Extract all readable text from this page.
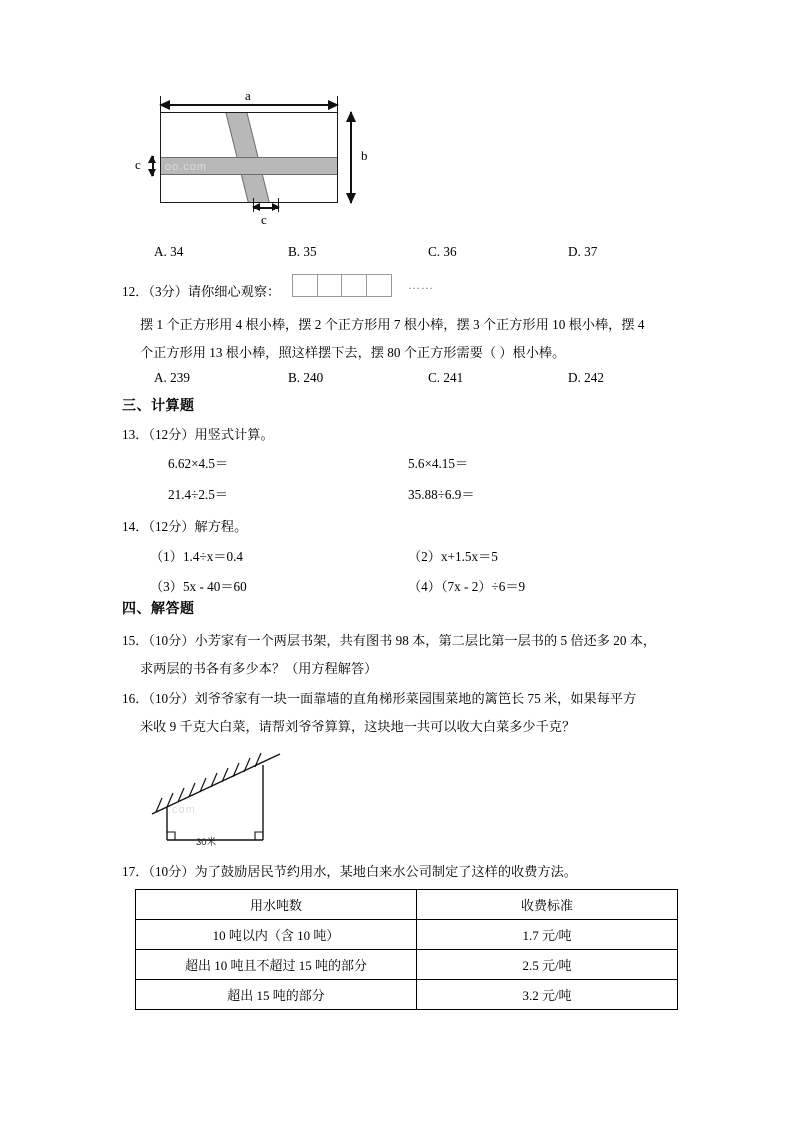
a
oo.com
b
c
c
A. 34	B. 35	C. 36	D. 37
12．（3分）请你细心观察：	……
摆 1 个正方形用 4 根小棒，摆 2 个正方形用 7 根小棒，摆 3 个正方形用 10 根小棒，摆 4
个正方形用 13 根小棒，照这样摆下去，摆 80 个正方形需要（ ）根小棒。
A. 239	B. 240	C. 241	D. 242
三、计算题
13．（12分）用竖式计算。
6.62×4.5＝	5.6×4.15＝
21.4÷2.5＝	35.88÷6.9＝
14．（12分）解方程。
（1）1.4÷x＝0.4	（2）x+1.5x＝5
（3）5x - 40＝60	（4）（7x - 2）÷6＝9
四、解答题
15．（10分）小芳家有一个两层书架，共有图书 98 本，第二层比第一层书的 5 倍还多 20 本，
求两层的书各有多少本？（用方程解答）
16．（10分）刘爷爷家有一块一面靠墙的直角梯形菜园围菜地的篱笆长 75 米，如果每平方
米收 9 千克大白菜，请帮刘爷爷算算，这块地一共可以收大白菜多少千克？
.com
30米
17．（10分）为了鼓励居民节约用水，某地白来水公司制定了这样的收费方法。
用水吨数	收费标准
10 吨以内（含 10 吨）	1.7 元/吨
超出 10 吨且不超过 15 吨的部分	2.5 元/吨
超出 15 吨的部分	3.2 元/吨
